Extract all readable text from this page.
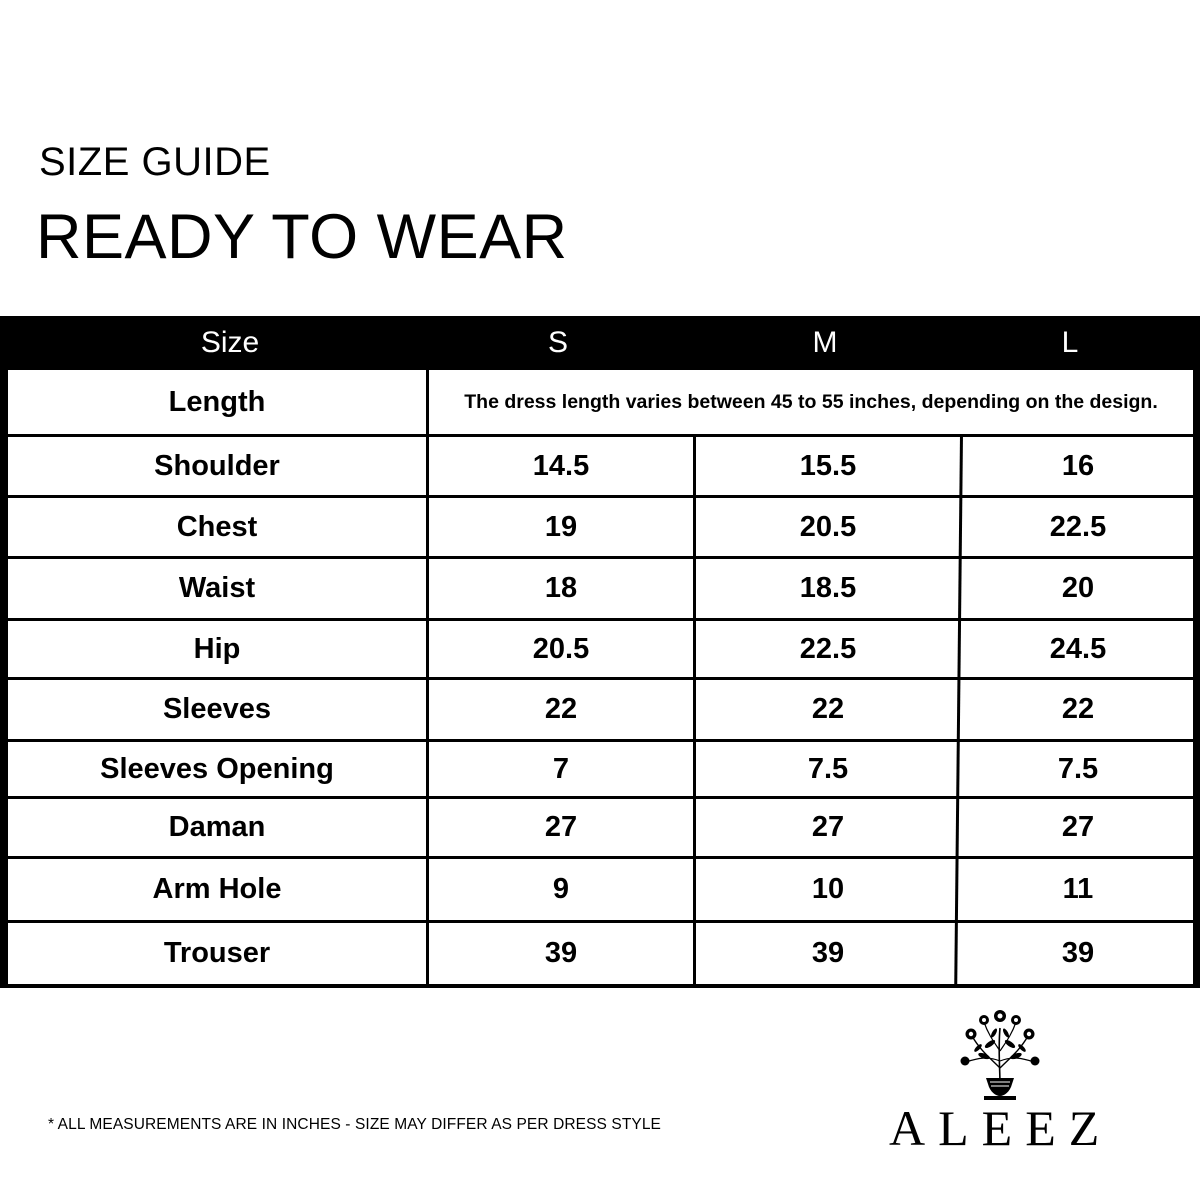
SIZE GUIDE
READY TO WEAR
Size	S	M	L
Length	The dress length varies between 45 to 55 inches, depending on the design.
Shoulder	14.5	15.5	16
Chest	19	20.5	22.5
Waist	18	18.5	20
Hip	20.5	22.5	24.5
Sleeves	22	22	22
Sleeves Opening	7	7.5	7.5
Daman	27	27	27
Arm Hole	9	10	11
Trouser	39	39	39
* ALL MEASUREMENTS ARE IN INCHES - SIZE MAY DIFFER AS PER DRESS STYLE	ALEEZ
